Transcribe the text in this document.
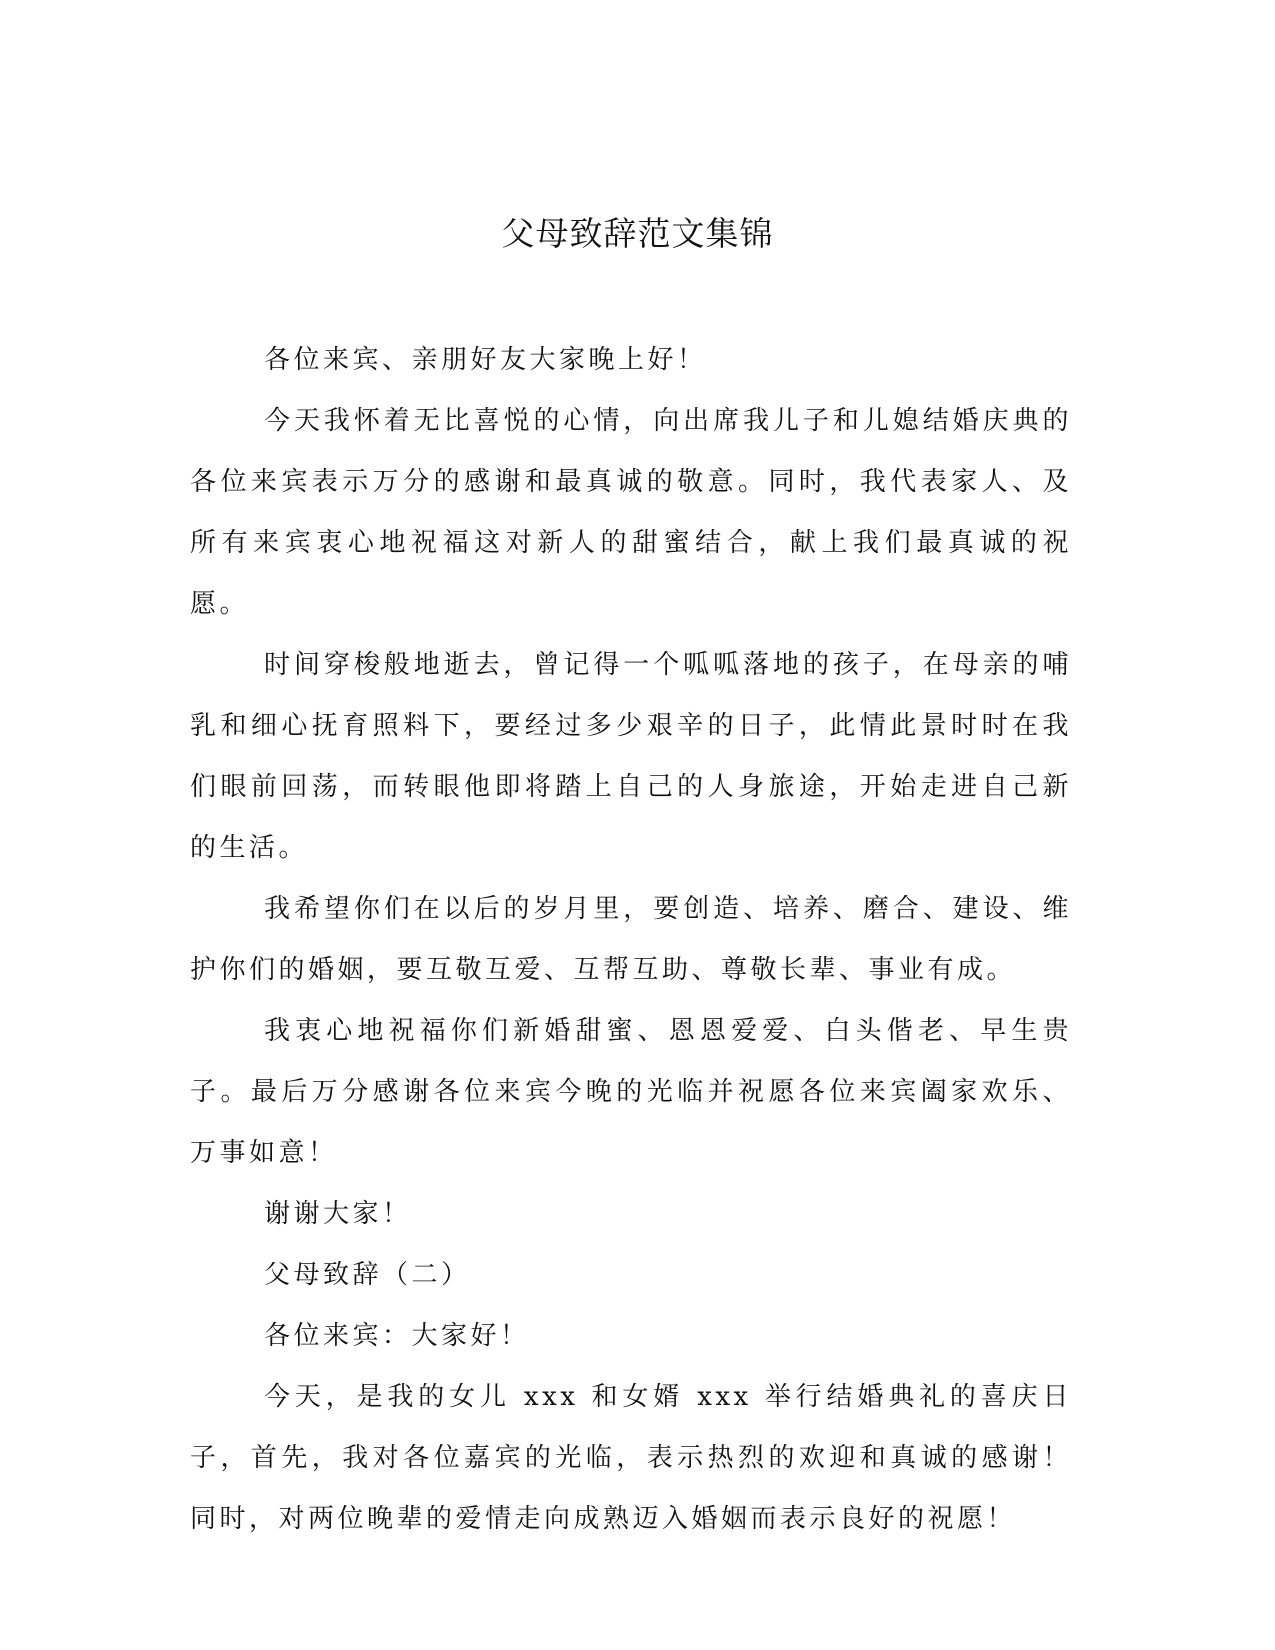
父母致辞范文集锦

各位来宾、亲朋好友大家晚上好！

今天我怀着无比喜悦的心情，向出席我儿子和儿媳结婚庆典的各位来宾表示万分的感谢和最真诚的敬意。同时，我代表家人、及所有来宾衷心地祝福这对新人的甜蜜结合，献上我们最真诚的祝愿。

时间穿梭般地逝去，曾记得一个呱呱落地的孩子，在母亲的哺乳和细心抚育照料下，要经过多少艰辛的日子，此情此景时时在我们眼前回荡，而转眼他即将踏上自己的人身旅途，开始走进自己新的生活。

我希望你们在以后的岁月里，要创造、培养、磨合、建设、维护你们的婚姻，要互敬互爱、互帮互助、尊敬长辈、事业有成。

我衷心地祝福你们新婚甜蜜、恩恩爱爱、白头偕老、早生贵子。最后万分感谢各位来宾今晚的光临并祝愿各位来宾阖家欢乐、万事如意！

谢谢大家！

父母致辞（二）

各位来宾：大家好！

今天，是我的女儿 xxx 和女婿 xxx 举行结婚典礼的喜庆日子，首先，我对各位嘉宾的光临，表示热烈的欢迎和真诚的感谢！同时，对两位晚辈的爱情走向成熟迈入婚姻而表示良好的祝愿！
